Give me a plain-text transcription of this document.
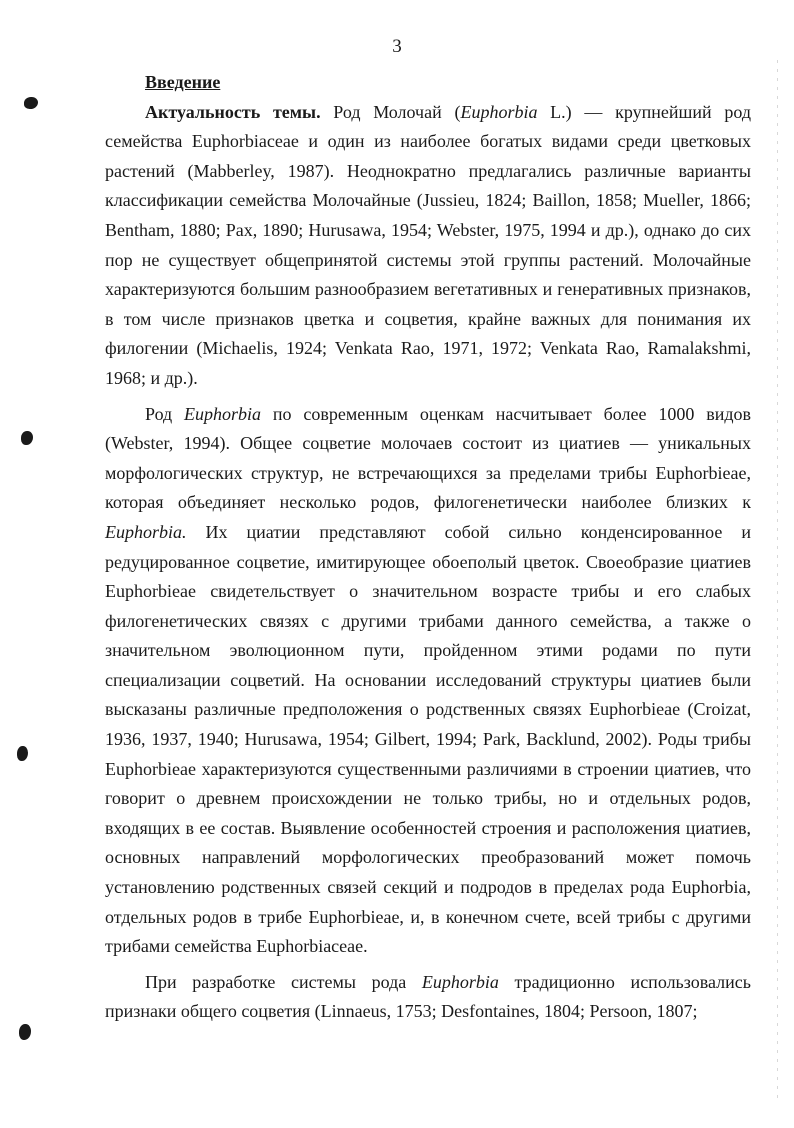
3
Введение

Актуальность темы. Род Молочай (Euphorbia L.) — крупнейший род семейства Euphorbiaceae и один из наиболее богатых видами среди цветковых растений (Mabberley, 1987). Неоднократно предлагались различные варианты классификации семейства Молочайные (Jussieu, 1824; Baillon, 1858; Mueller, 1866; Bentham, 1880; Pax, 1890; Hurusawa, 1954; Webster, 1975, 1994 и др.), однако до сих пор не существует общепринятой системы этой группы растений. Молочайные характеризуются большим разнообразием вегетативных и генеративных признаков, в том числе признаков цветка и соцветия, крайне важных для понимания их филогении (Michaelis, 1924; Venkata Rao, 1971, 1972; Venkata Rao, Ramalakshmi, 1968; и др.).

Род Euphorbia по современным оценкам насчитывает более 1000 видов (Webster, 1994). Общее соцветие молочаев состоит из циатиев — уникальных морфологических структур, не встречающихся за пределами трибы Euphorbieae, которая объединяет несколько родов, филогенетически наиболее близких к Euphorbia. Их циатии представляют собой сильно конденсированное и редуцированное соцветие, имитирующее обоеполый цветок. Своеобразие циатиев Euphorbieae свидетельствует о значительном возрасте трибы и его слабых филогенетических связях с другими трибами данного семейства, а также о значительном эволюционном пути, пройденном этими родами по пути специализации соцветий. На основании исследований структуры циатиев были высказаны различные предположения о родственных связях Euphorbieae (Croizat, 1936, 1937, 1940; Hurusawa, 1954; Gilbert, 1994; Park, Backlund, 2002). Роды трибы Euphorbieae характеризуются существенными различиями в строении циатиев, что говорит о древнем происхождении не только трибы, но и отдельных родов, входящих в ее состав. Выявление особенностей строения и расположения циатиев, основных направлений морфологических преобразований может помочь установлению родственных связей секций и подродов в пределах рода Euphorbia, отдельных родов в трибе Euphorbieae, и, в конечном счете, всей трибы с другими трибами семейства Euphorbiaceae.

При разработке системы рода Euphorbia традиционно использовались признаки общего соцветия (Linnaeus, 1753; Desfontaines, 1804; Persoon, 1807;
